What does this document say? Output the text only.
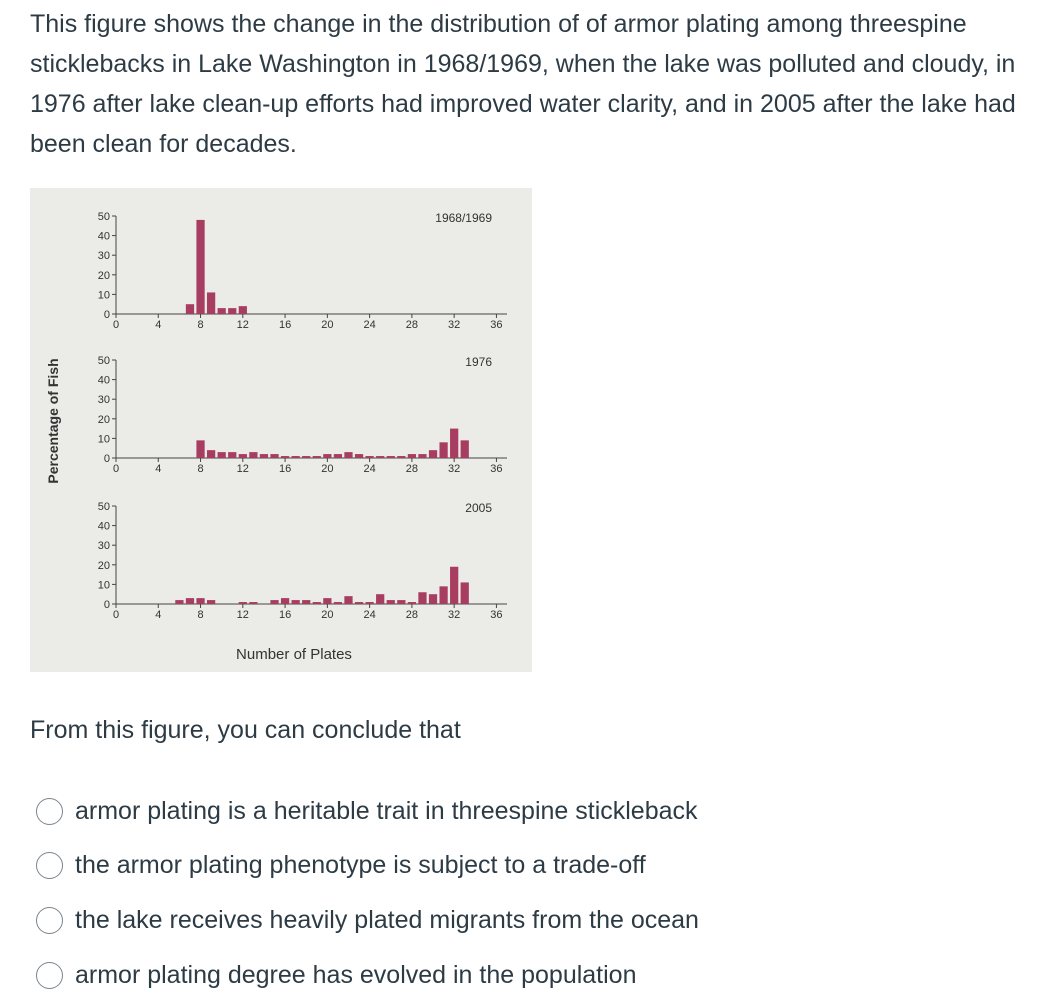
This figure shows the change in the distribution of of armor plating among threespine sticklebacks in Lake Washington in 1968/1969, when the lake was polluted and cloudy, in 1976 after lake clean-up efforts had improved water clarity, and in 2005 after the lake had been clean for decades.

0
10
20
30
40
50
0	4	8	12	16	20	24	28	32	36
1968/1969
0
10
20
30
40
50
0	4	8	12	16	20	24	28	32	36
1976
0
10
20
30
40
50
0	4	8	12	16	20	24	28	32	36
2005
Percentage of Fish
Number of Plates

From this figure, you can conclude that

armor plating is a heritable trait in threespine stickleback
the armor plating phenotype is subject to a trade-off
the lake receives heavily plated migrants from the ocean
armor plating degree has evolved in the population
